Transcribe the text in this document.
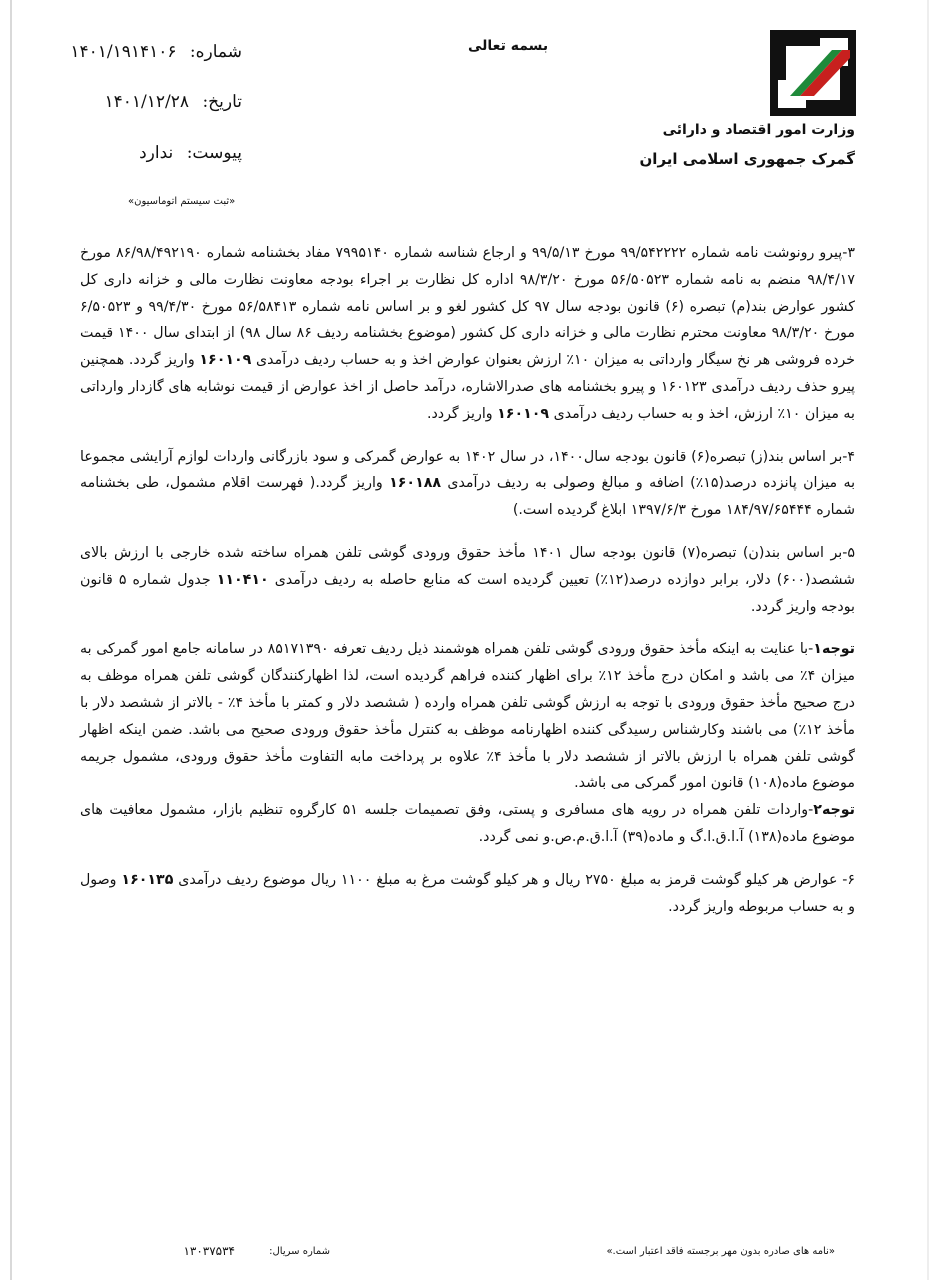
بسمه تعالی
وزارت امور اقتصاد و دارائی
گمرک جمهوری اسلامی ایران
شماره: ۱۴۰۱/۱۹۱۴۱۰۶
تاریخ: ۱۴۰۱/۱۲/۲۸
پیوست: ندارد
«ثبت سیستم اتوماسیون»

۳-پیرو رونوشت نامه شماره ۹۹/۵۴۲۲۲۲ مورخ ۹۹/۵/۱۳ و ارجاع شناسه شماره ۷۹۹۵۱۴۰ مفاد بخشنامه شماره ۸۶/۹۸/۴۹۲۱۹۰ مورخ ۹۸/۴/۱۷ منضم به نامه شماره ۵۶/۵۰۵۲۳ مورخ ۹۸/۳/۲۰ اداره کل نظارت بر اجراء بودجه معاونت نظارت مالی و خزانه داری کل کشور عوارض بند(م) تبصره (۶) قانون بودجه سال ۹۷ کل کشور لغو و بر اساس نامه شماره ۵۶/۵۸۴۱۳ مورخ ۹۹/۴/۳۰ و ۶/۵۰۵۲۳ مورخ ۹۸/۳/۲۰ معاونت محترم نظارت مالی و خزانه داری کل کشور (موضوع بخشنامه ردیف ۸۶ سال ۹۸) از ابتدای سال ۱۴۰۰ قیمت خرده فروشی هر نخ سیگار وارداتی به میزان ۱۰٪ ارزش بعنوان عوارض اخذ و به حساب ردیف درآمدی ۱۶۰۱۰۹ واریز گردد. همچنین پیرو حذف ردیف درآمدی ۱۶۰۱۲۳ و پیرو بخشنامه های صدرالاشاره، درآمد حاصل از اخذ عوارض از قیمت نوشابه های گازدار وارداتی به میزان ۱۰٪ ارزش، اخذ و به حساب ردیف درآمدی ۱۶۰۱۰۹ واریز گردد.

۴-بر اساس بند(ز) تبصره(۶) قانون بودجه سال۱۴۰۰، در سال ۱۴۰۲ به عوارض گمرکی و سود بازرگانی واردات لوازم آرایشی مجموعا به میزان پانزده درصد(۱۵٪) اضافه و مبالغ وصولی به ردیف درآمدی ۱۶۰۱۸۸ واریز گردد.( فهرست اقلام مشمول، طی بخشنامه شماره ۱۸۴/۹۷/۶۵۴۴۴ مورخ ۱۳۹۷/۶/۳ ابلاغ گردیده است.)

۵-بر اساس بند(ن) تبصره(۷) قانون بودجه سال ۱۴۰۱ مأخذ حقوق ورودی گوشی تلفن همراه ساخته شده خارجی با ارزش بالای ششصد(۶۰۰) دلار، برابر دوازده درصد(۱۲٪) تعیین گردیده است که منابع حاصله به ردیف درآمدی ۱۱۰۴۱۰ جدول شماره ۵ قانون بودجه واریز گردد.

توجه۱-با عنایت به اینکه مأخذ حقوق ورودی گوشی تلفن همراه هوشمند ذیل ردیف تعرفه ۸۵۱۷۱۳۹۰ در سامانه جامع امور گمرکی به میزان ۴٪ می باشد و امکان درج مأخذ ۱۲٪ برای اظهار کننده فراهم گردیده است، لذا اظهارکنندگان گوشی تلفن همراه موظف به درج صحیح مأخذ حقوق ورودی با توجه به ارزش گوشی تلفن همراه وارده ( ششصد دلار و کمتر با مأخذ ۴٪ - بالاتر از ششصد دلار با مأخذ ۱۲٪) می باشند وکارشناس رسیدگی کننده اظهارنامه موظف به کنترل مأخذ حقوق ورودی صحیح می باشد. ضمن اینکه اظهار گوشی تلفن همراه با ارزش بالاتر از ششصد دلار با مأخذ ۴٪ علاوه بر پرداخت مابه التفاوت مأخذ حقوق ورودی، مشمول جریمه موضوع ماده(۱۰۸) قانون امور گمرکی می باشد.

توجه۲-واردات تلفن همراه در رویه های مسافری و پستی، وفق تصمیمات جلسه ۵۱ کارگروه تنظیم بازار، مشمول معافیت های موضوع ماده(۱۳۸) آ.ا.ق.ا.گ و ماده(۳۹) آ.ا.ق.م.ص.و نمی گردد.

۶- عوارض هر کیلو گوشت قرمز به مبلغ ۲۷۵۰ ریال و هر کیلو گوشت مرغ به مبلغ ۱۱۰۰ ریال موضوع ردیف درآمدی ۱۶۰۱۳۵ وصول و به حساب مربوطه واریز گردد.

«نامه های صادره بدون مهر برجسته فاقد اعتبار است.»
شماره سریال:
۱۳۰۳۷۵۳۴
